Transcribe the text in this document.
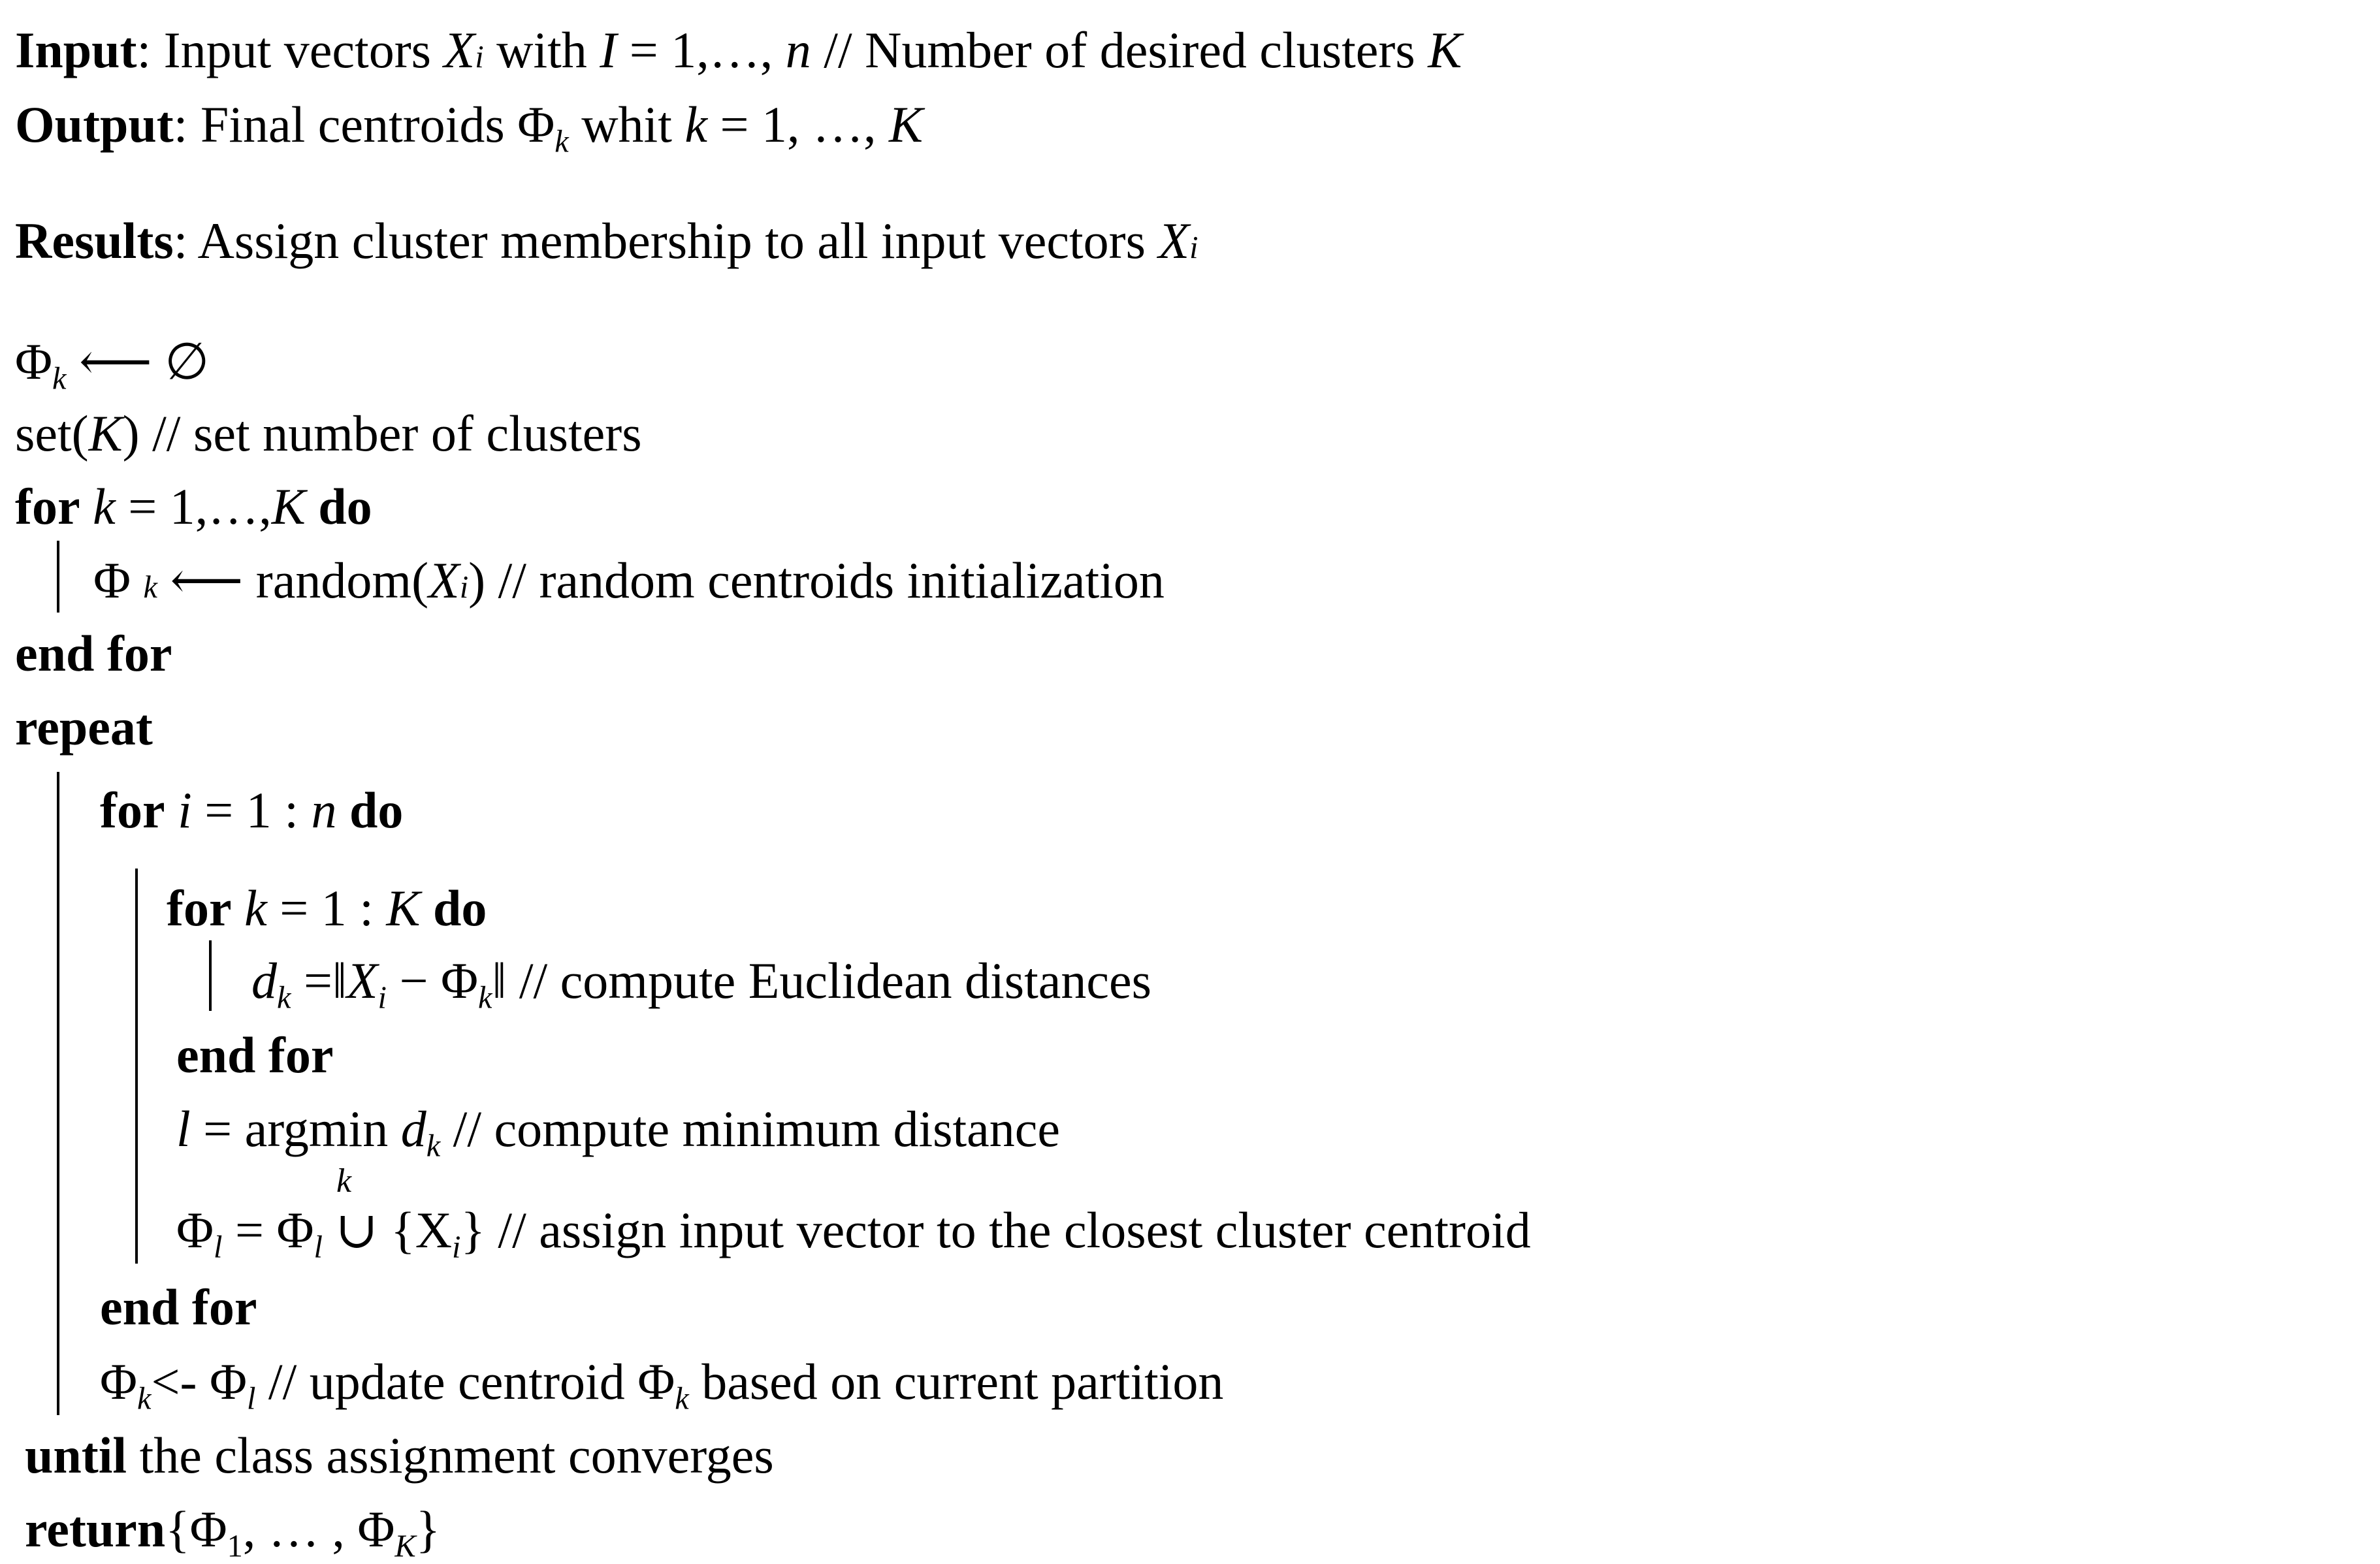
Input: Input vectors Xi with I = 1,…, n // Number of desired clusters K
Output: Final centroids $\Phi_k$ whit k = 1, …, K
Results: Assign cluster membership to all input vectors Xi
$\Phi_k$ ⟵ ∅
set(K) // set number of clusters
for k = 1,…,K do
Φ k ⟵ random(Xi) // random centroids initialization
end for
repeat
for i = 1 : n do
for k = 1 : K do
$d_k$ $=‖X_i$ − $\Phi_k‖$ // compute Euclidean distances
end for
l = argmin $d_k$ // compute minimum distance
k
$\Phi_l = \Phi_l$ ∪ $\{X_i\}$ // assign input vector to the closest cluster centroid
end for
$\Phi_k<-$ $\Phi_l$ // update centroid $\Phi_k$ based on current partition
until the class assignment converges
$return\{\Phi_1$, … , $\Phi_K$}
